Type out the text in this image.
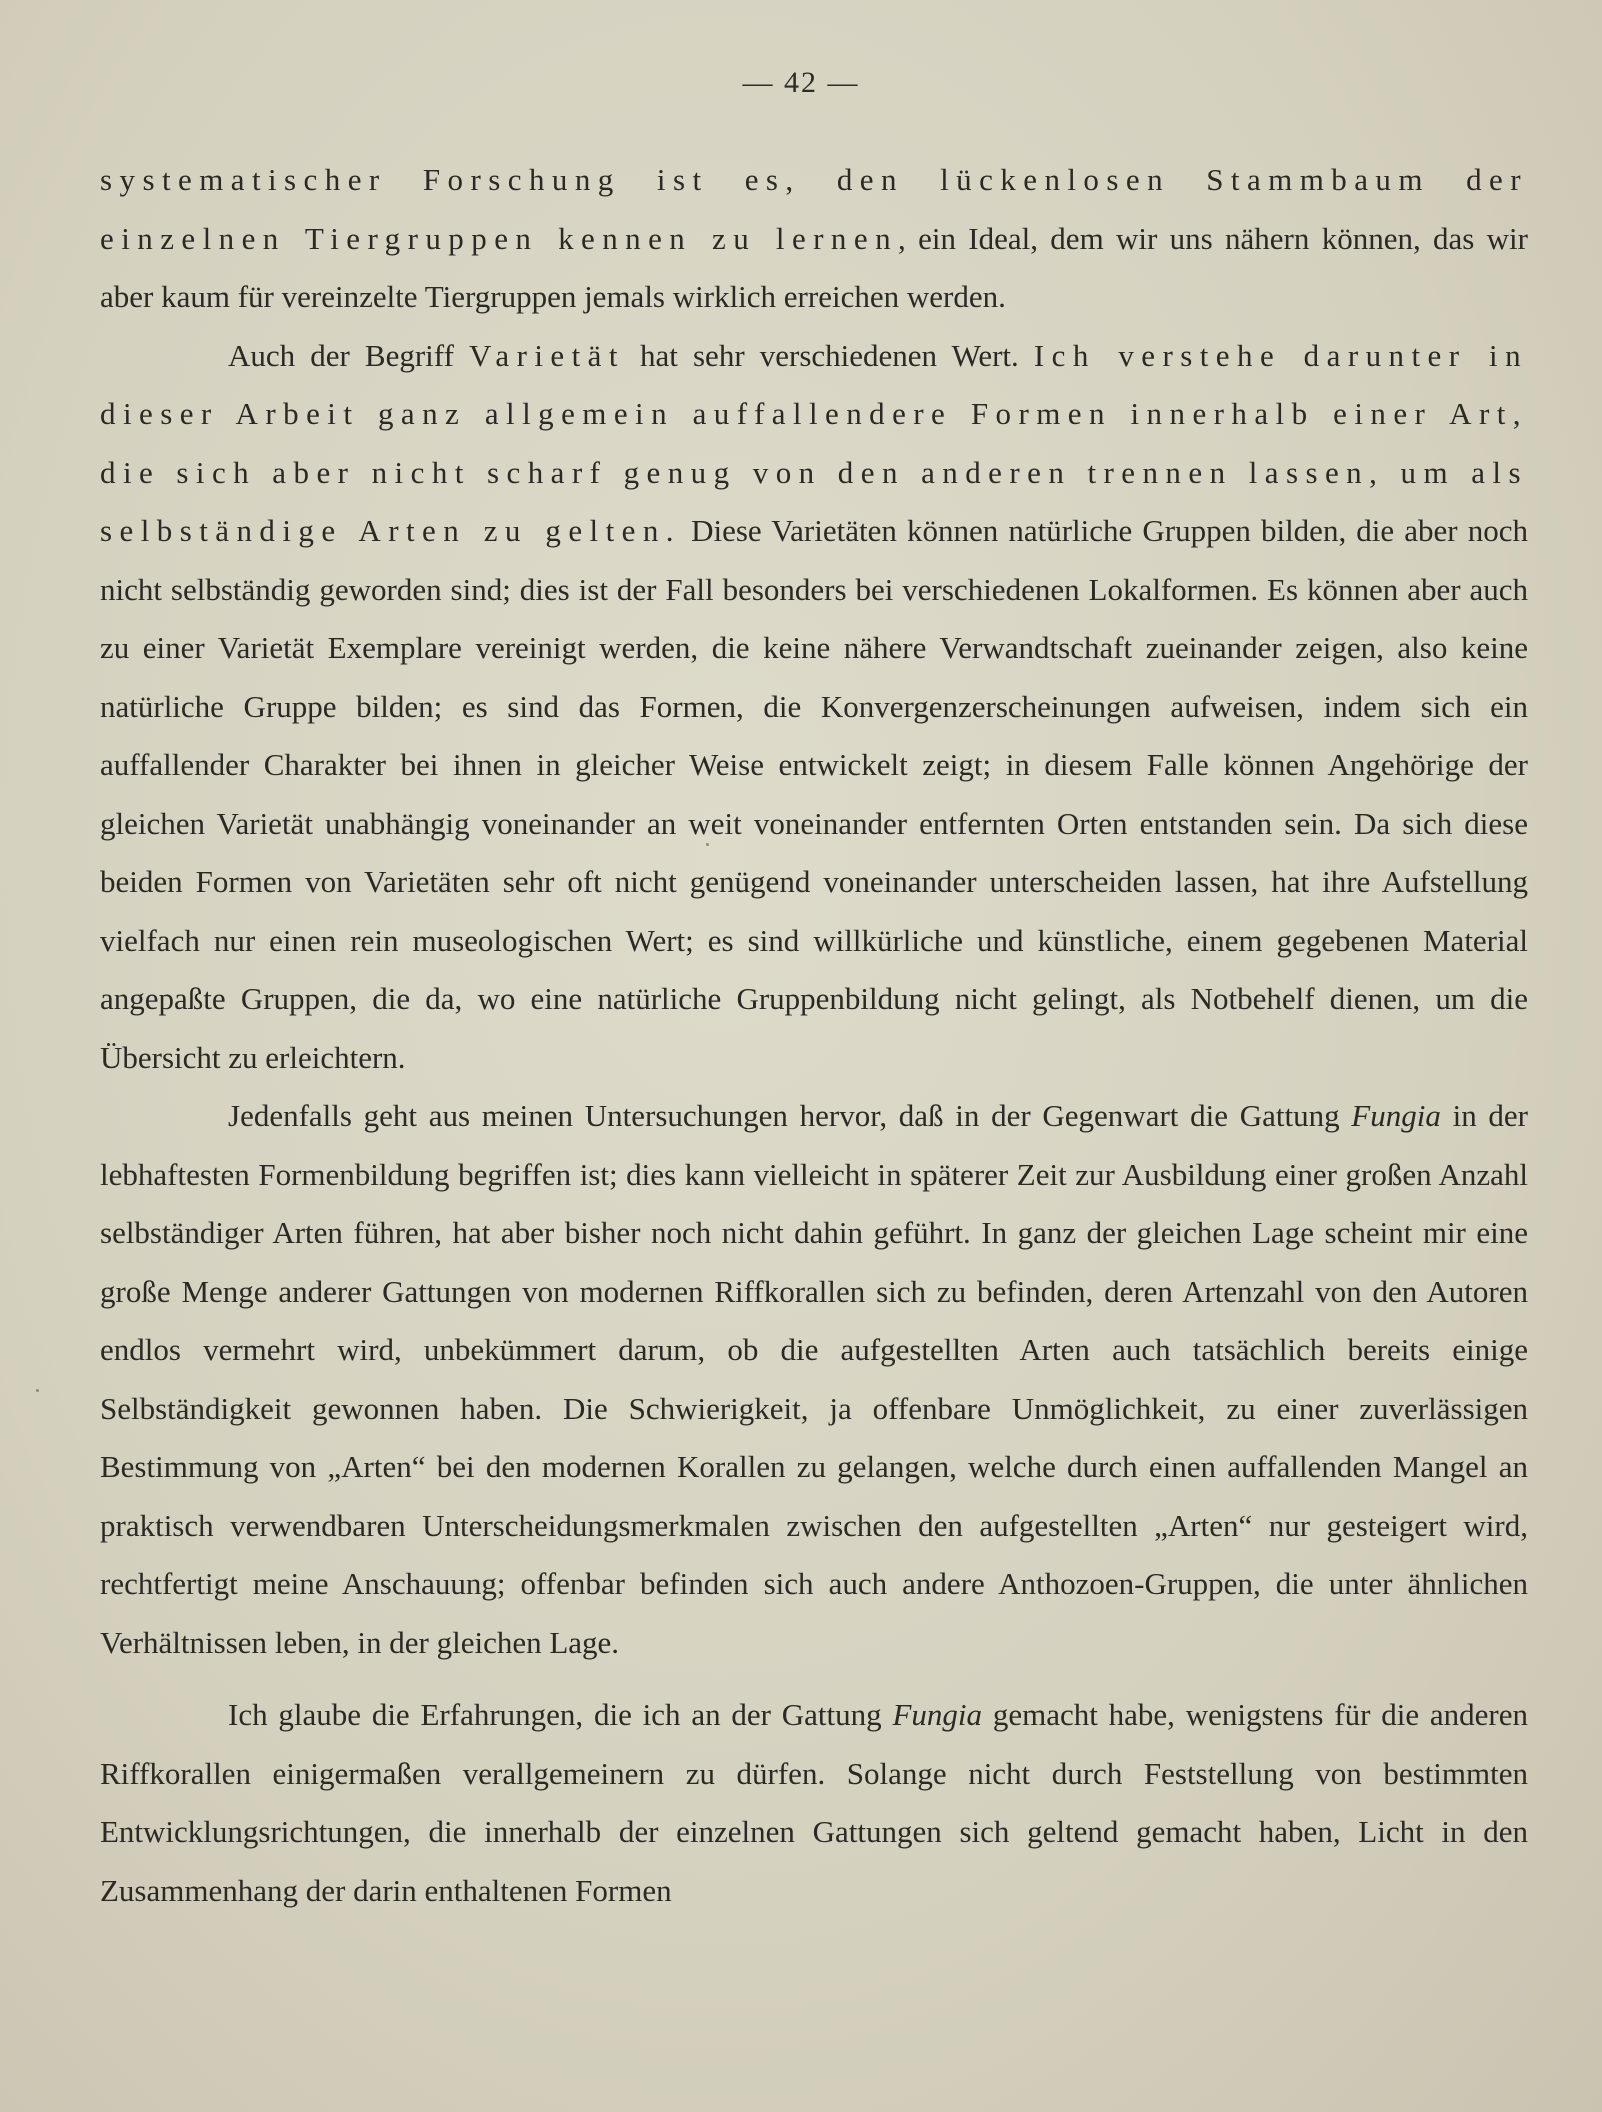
— 42 —

systematischer Forschung ist es, den lückenlosen Stammbaum der einzelnen Tiergruppen kennen zu lernen, ein Ideal, dem wir uns nähern können, das wir aber kaum für vereinzelte Tiergruppen jemals wirklich erreichen werden.

Auch der Begriff Varietät hat sehr verschiedenen Wert. Ich verstehe darunter in dieser Arbeit ganz allgemein auffallendere Formen innerhalb einer Art, die sich aber nicht scharf genug von den anderen trennen lassen, um als selbständige Arten zu gelten. Diese Varietäten können natürliche Gruppen bilden, die aber noch nicht selbständig geworden sind; dies ist der Fall besonders bei verschiedenen Lokalformen. Es können aber auch zu einer Varietät Exemplare vereinigt werden, die keine nähere Verwandtschaft zueinander zeigen, also keine natürliche Gruppe bilden; es sind das Formen, die Konvergenzerscheinungen aufweisen, indem sich ein auffallender Charakter bei ihnen in gleicher Weise entwickelt zeigt; in diesem Falle können Angehörige der gleichen Varietät unabhängig voneinander an weit voneinander entfernten Orten entstanden sein. Da sich diese beiden Formen von Varietäten sehr oft nicht genügend voneinander unterscheiden lassen, hat ihre Aufstellung vielfach nur einen rein museologischen Wert; es sind willkürliche und künstliche, einem gegebenen Material angepaßte Gruppen, die da, wo eine natürliche Gruppenbildung nicht gelingt, als Notbehelf dienen, um die Übersicht zu erleichtern.

Jedenfalls geht aus meinen Untersuchungen hervor, daß in der Gegenwart die Gattung Fungia in der lebhaftesten Formenbildung begriffen ist; dies kann vielleicht in späterer Zeit zur Ausbildung einer großen Anzahl selbständiger Arten führen, hat aber bisher noch nicht dahin geführt. In ganz der gleichen Lage scheint mir eine große Menge anderer Gattungen von modernen Riffkorallen sich zu befinden, deren Artenzahl von den Autoren endlos vermehrt wird, unbekümmert darum, ob die aufgestellten Arten auch tatsächlich bereits einige Selbständigkeit gewonnen haben. Die Schwierigkeit, ja offenbare Unmöglichkeit, zu einer zuverlässigen Bestimmung von „Arten“ bei den modernen Korallen zu gelangen, welche durch einen auffallenden Mangel an praktisch verwendbaren Unterscheidungsmerkmalen zwischen den aufgestellten „Arten“ nur gesteigert wird, rechtfertigt meine Anschauung; offenbar befinden sich auch andere Anthozoen-Gruppen, die unter ähnlichen Verhältnissen leben, in der gleichen Lage.

Ich glaube die Erfahrungen, die ich an der Gattung Fungia gemacht habe, wenigstens für die anderen Riffkorallen einigermaßen verallgemeinern zu dürfen. Solange nicht durch Feststellung von bestimmten Entwicklungsrichtungen, die innerhalb der einzelnen Gattungen sich geltend gemacht haben, Licht in den Zusammenhang der darin enthaltenen Formen
